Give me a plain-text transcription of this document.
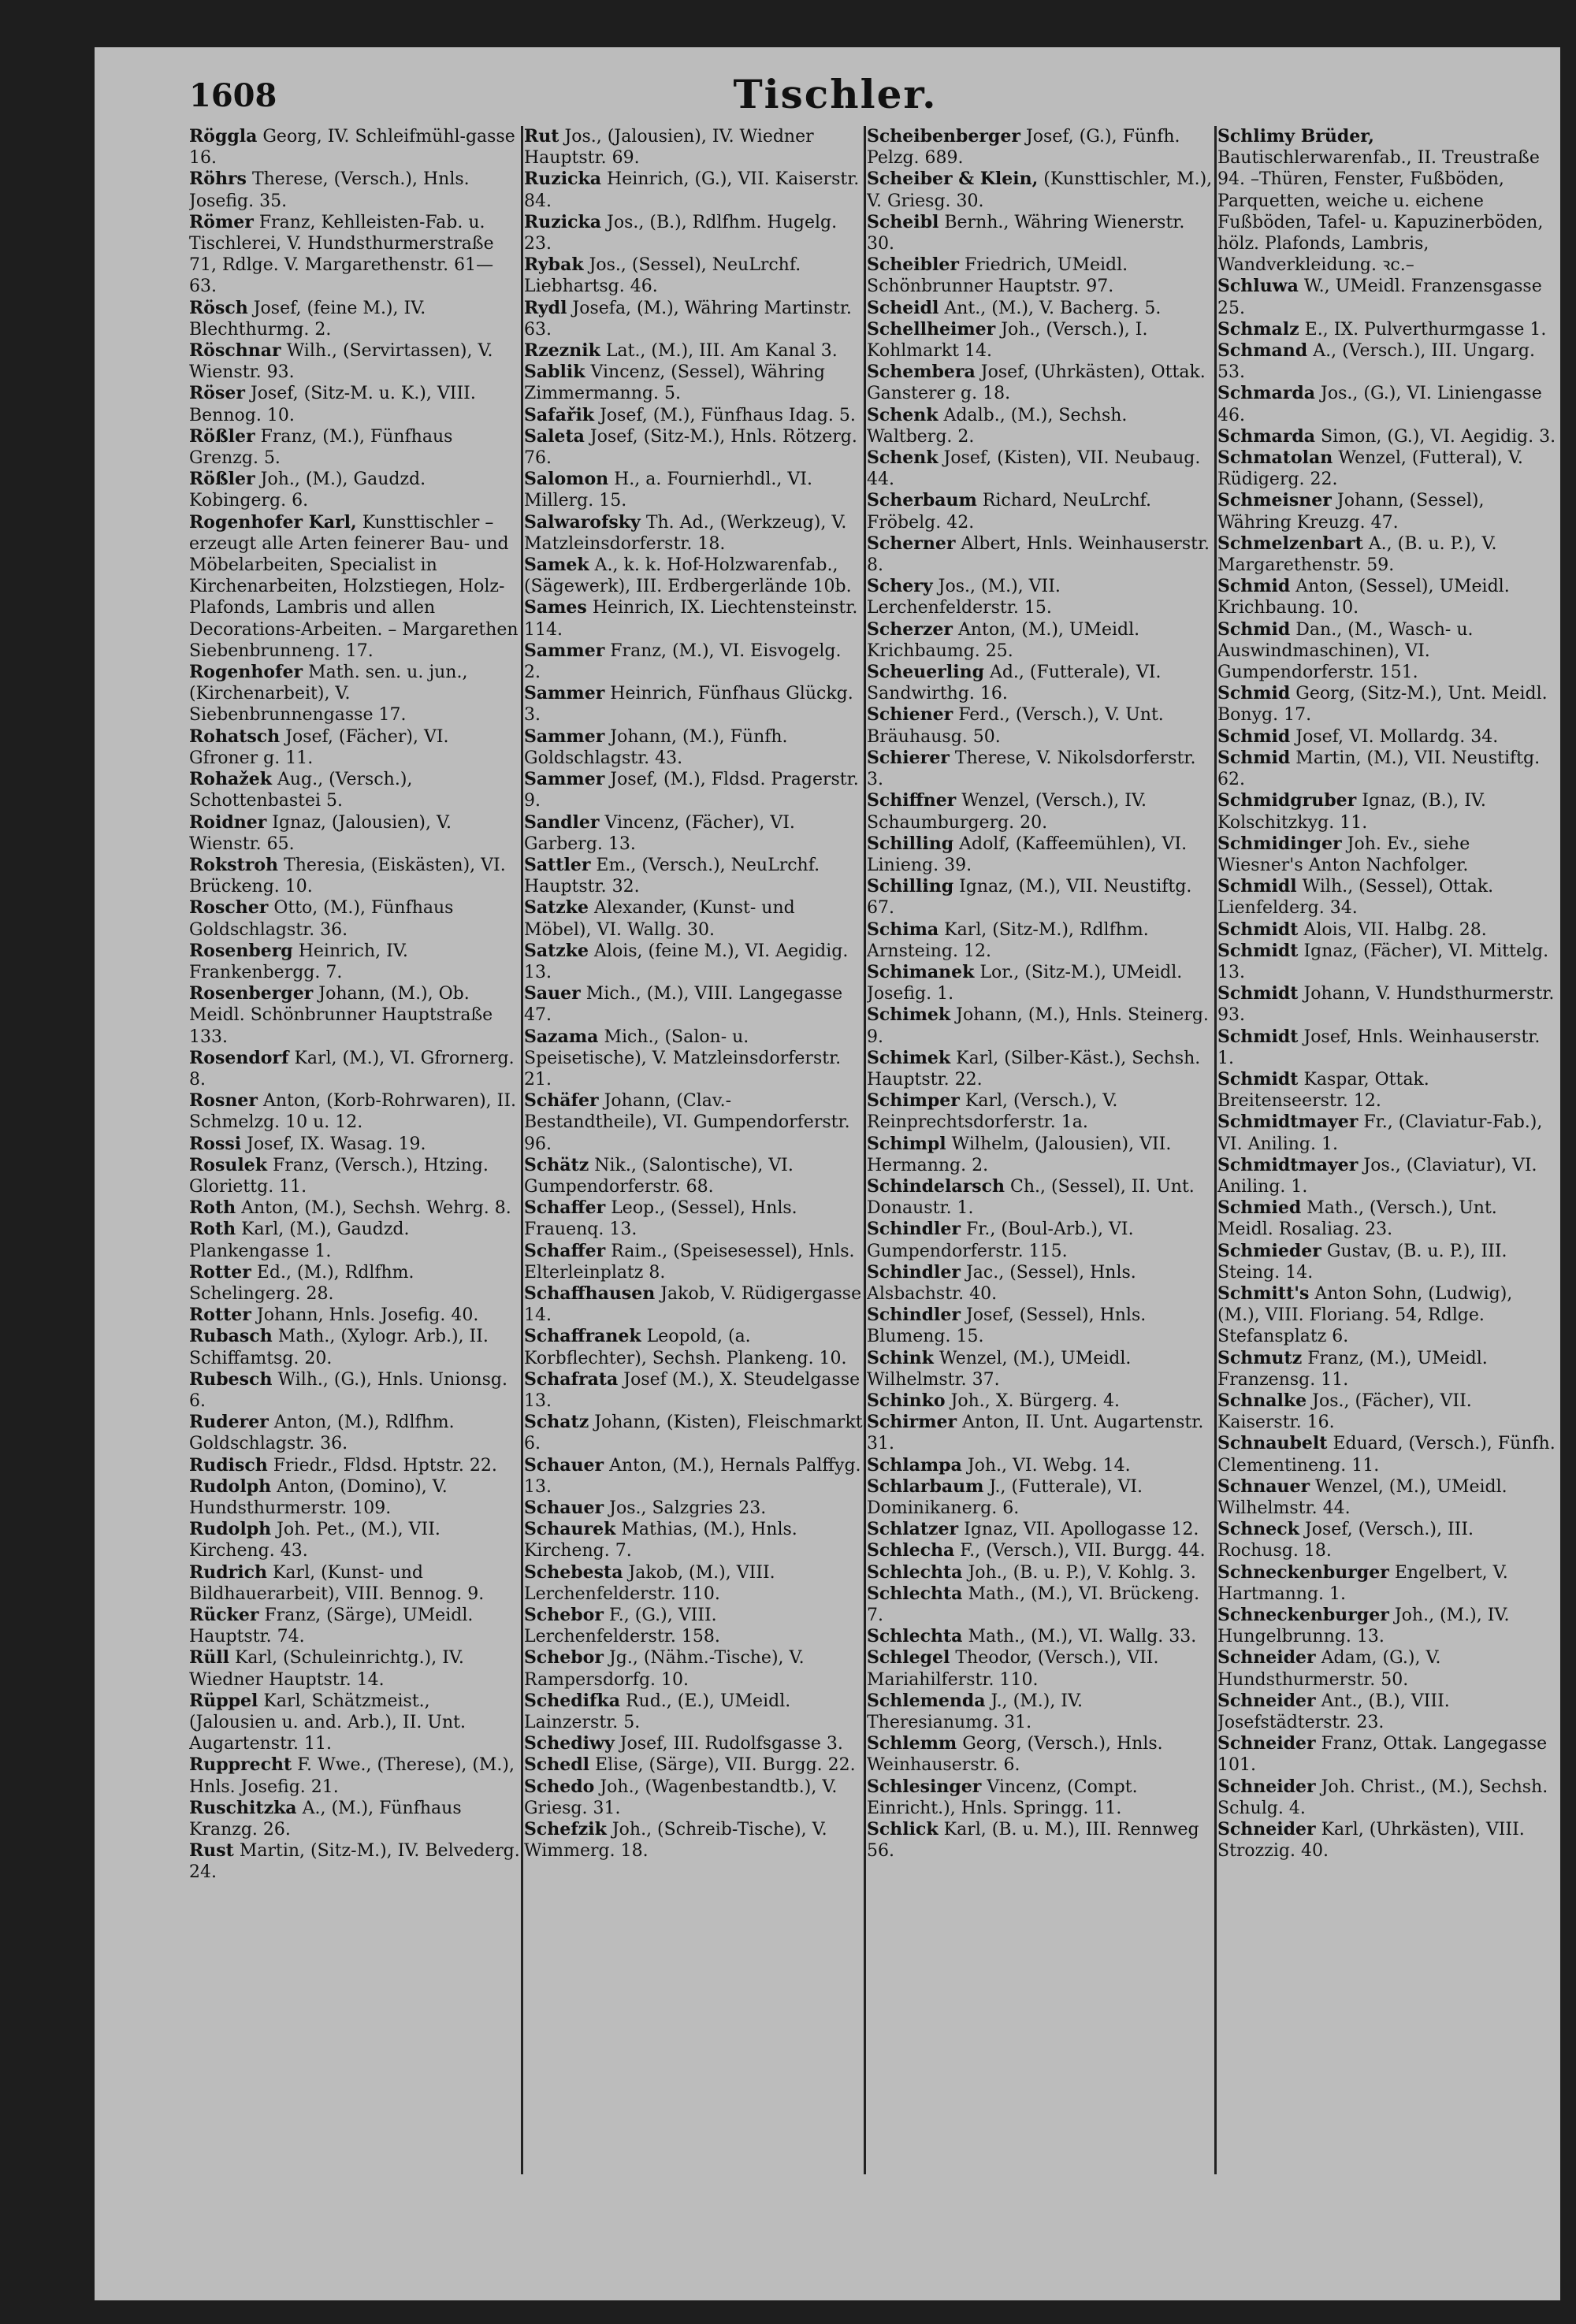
1608	Tischler.

Röggla Georg, IV. Schleifmühl-gasse 16.

Röhrs Therese, (Versch.), Hnls. Josefig. 35.

Römer Franz, Kehlleisten-Fab. u. Tischlerei, V. Hundsthurmerstraße 71, Rdlge. V. Margarethenstr. 61—63.

Rösch Josef, (feine M.), IV. Blechthurmg. 2.

Röschnar Wilh., (Servirtassen), V. Wienstr. 93.

Röser Josef, (Sitz-M. u. K.), VIII. Bennog. 10.

Rößler Franz, (M.), Fünfhaus Grenzg. 5.

Rößler Joh., (M.), Gaudzd. Kobingerg. 6.

Rogenhofer Karl, Kunsttischler – erzeugt alle Arten feinerer Bau- und Möbelarbeiten, Specialist in Kirchenarbeiten, Holzstiegen, Holz-Plafonds, Lambris und allen Decorations-Arbeiten. – Margarethen Siebenbrunneng. 17.

Rogenhofer Math. sen. u. jun., (Kirchenarbeit), V. Siebenbrunnengasse 17.

Rohatsch Josef, (Fächer), VI. Gfroner g. 11.

Rohažek Aug., (Versch.), Schottenbastei 5.

Roidner Ignaz, (Jalousien), V. Wienstr. 65.

Rokstroh Theresia, (Eiskästen), VI. Brückeng. 10.

Roscher Otto, (M.), Fünfhaus Goldschlagstr. 36.

Rosenberg Heinrich, IV. Frankenbergg. 7.

Rosenberger Johann, (M.), Ob. Meidl. Schönbrunner Hauptstraße 133.

Rosendorf Karl, (M.), VI. Gfrornerg. 8.

Rosner Anton, (Korb-Rohrwaren), II. Schmelzg. 10 u. 12.

Rossi Josef, IX. Wasag. 19.

Rosulek Franz, (Versch.), Htzing. Gloriettg. 11.

Roth Anton, (M.), Sechsh. Wehrg. 8.

Roth Karl, (M.), Gaudzd. Plankengasse 1.

Rotter Ed., (M.), Rdlfhm. Schelingerg. 28.

Rotter Johann, Hnls. Josefig. 40.

Rubasch Math., (Xylogr. Arb.), II. Schiffamtsg. 20.

Rubesch Wilh., (G.), Hnls. Unionsg. 6.

Ruderer Anton, (M.), Rdlfhm. Goldschlagstr. 36.

Rudisch Friedr., Fldsd. Hptstr. 22.

Rudolph Anton, (Domino), V. Hundsthurmerstr. 109.

Rudolph Joh. Pet., (M.), VII. Kircheng. 43.

Rudrich Karl, (Kunst- und Bildhauerarbeit), VIII. Bennog. 9.

Rücker Franz, (Särge), UMeidl. Hauptstr. 74.

Rüll Karl, (Schuleinrichtg.), IV. Wiedner Hauptstr. 14.

Rüppel Karl, Schätzmeist., (Jalousien u. and. Arb.), II. Unt. Augartenstr. 11.

Rupprecht F. Wwe., (Therese), (M.), Hnls. Josefig. 21.

Ruschitzka A., (M.), Fünfhaus Kranzg. 26.

Rust Martin, (Sitz-M.), IV. Belvederg. 24.

Rut Jos., (Jalousien), IV. Wiedner Hauptstr. 69.

Ruzicka Heinrich, (G.), VII. Kaiserstr. 84.

Ruzicka Jos., (B.), Rdlfhm. Hugelg. 23.

Rybak Jos., (Sessel), NeuLrchf. Liebhartsg. 46.

Rydl Josefa, (M.), Währing Martinstr. 63.

Rzeznik Lat., (M.), III. Am Kanal 3.

Sablik Vincenz, (Sessel), Währing Zimmermanng. 5.

Safařik Josef, (M.), Fünfhaus Idag. 5.

Saleta Josef, (Sitz-M.), Hnls. Rötzerg. 76.

Salomon H., a. Fournierhdl., VI. Millerg. 15.

Salwarofsky Th. Ad., (Werkzeug), V. Matzleinsdorferstr. 18.

Samek A., k. k. Hof-Holzwarenfab., (Sägewerk), III. Erdbergerlände 10b.

Sames Heinrich, IX. Liechtensteinstr. 114.

Sammer Franz, (M.), VI. Eisvogelg. 2.

Sammer Heinrich, Fünfhaus Glückg. 3.

Sammer Johann, (M.), Fünfh. Goldschlagstr. 43.

Sammer Josef, (M.), Fldsd. Pragerstr. 9.

Sandler Vincenz, (Fächer), VI. Garberg. 13.

Sattler Em., (Versch.), NeuLrchf. Hauptstr. 32.

Satzke Alexander, (Kunst- und Möbel), VI. Wallg. 30.

Satzke Alois, (feine M.), VI. Aegidig. 13.

Sauer Mich., (M.), VIII. Langegasse 47.

Sazama Mich., (Salon- u. Speisetische), V. Matzleinsdorferstr. 21.

Schäfer Johann, (Clav.-Bestandtheile), VI. Gumpendorferstr. 96.

Schätz Nik., (Salontische), VI. Gumpendorferstr. 68.

Schaffer Leop., (Sessel), Hnls. Frauenq. 13.

Schaffer Raim., (Speisesessel), Hnls. Elterleinplatz 8.

Schaffhausen Jakob, V. Rüdigergasse 14.

Schaffranek Leopold, (a. Korbflechter), Sechsh. Plankeng. 10.

Schafrata Josef (M.), X. Steudelgasse 13.

Schatz Johann, (Kisten), Fleischmarkt 6.

Schauer Anton, (M.), Hernals Palffyg. 13.

Schauer Jos., Salzgries 23.

Schaurek Mathias, (M.), Hnls. Kircheng. 7.

Schebesta Jakob, (M.), VIII. Lerchenfelderstr. 110.

Schebor F., (G.), VIII. Lerchenfelderstr. 158.

Schebor Jg., (Nähm.-Tische), V. Rampersdorfg. 10.

Schedifka Rud., (E.), UMeidl. Lainzerstr. 5.

Schediwy Josef, III. Rudolfsgasse 3.

Schedl Elise, (Särge), VII. Burgg. 22.

Schedo Joh., (Wagenbestandtb.), V. Griesg. 31.

Schefzik Joh., (Schreib-Tische), V. Wimmerg. 18.

Scheibenberger Josef, (G.), Fünfh. Pelzg. 689.

Scheiber & Klein, (Kunsttischler, M.), V. Griesg. 30.

Scheibl Bernh., Währing Wienerstr. 30.

Scheibler Friedrich, UMeidl. Schönbrunner Hauptstr. 97.

Scheidl Ant., (M.), V. Bacherg. 5.

Schellheimer Joh., (Versch.), I. Kohlmarkt 14.

Schembera Josef, (Uhrkästen), Ottak. Gansterer g. 18.

Schenk Adalb., (M.), Sechsh. Waltberg. 2.

Schenk Josef, (Kisten), VII. Neubaug. 44.

Scherbaum Richard, NeuLrchf. Fröbelg. 42.

Scherner Albert, Hnls. Weinhauserstr. 8.

Schery Jos., (M.), VII. Lerchenfelderstr. 15.

Scherzer Anton, (M.), UMeidl. Krichbaumg. 25.

Scheuerling Ad., (Futterale), VI. Sandwirthg. 16.

Schiener Ferd., (Versch.), V. Unt. Bräuhausg. 50.

Schierer Therese, V. Nikolsdorferstr. 3.

Schiffner Wenzel, (Versch.), IV. Schaumburgerg. 20.

Schilling Adolf, (Kaffeemühlen), VI. Linieng. 39.

Schilling Ignaz, (M.), VII. Neustiftg. 67.

Schima Karl, (Sitz-M.), Rdlfhm. Arnsteing. 12.

Schimanek Lor., (Sitz-M.), UMeidl. Josefig. 1.

Schimek Johann, (M.), Hnls. Steinerg. 9.

Schimek Karl, (Silber-Käst.), Sechsh. Hauptstr. 22.

Schimper Karl, (Versch.), V. Reinprechtsdorferstr. 1a.

Schimpl Wilhelm, (Jalousien), VII. Hermanng. 2.

Schindelarsch Ch., (Sessel), II. Unt. Donaustr. 1.

Schindler Fr., (Boul-Arb.), VI. Gumpendorferstr. 115.

Schindler Jac., (Sessel), Hnls. Alsbachstr. 40.

Schindler Josef, (Sessel), Hnls. Blumeng. 15.

Schink Wenzel, (M.), UMeidl. Wilhelmstr. 37.

Schinko Joh., X. Bürgerg. 4.

Schirmer Anton, II. Unt. Augartenstr. 31.

Schlampa Joh., VI. Webg. 14.

Schlarbaum J., (Futterale), VI. Dominikanerg. 6.

Schlatzer Ignaz, VII. Apollogasse 12.

Schlecha F., (Versch.), VII. Burgg. 44.

Schlechta Joh., (B. u. P.), V. Kohlg. 3.

Schlechta Math., (M.), VI. Brückeng. 7.

Schlechta Math., (M.), VI. Wallg. 33.

Schlegel Theodor, (Versch.), VII. Mariahilferstr. 110.

Schlemenda J., (M.), IV. Theresianumg. 31.

Schlemm Georg, (Versch.), Hnls. Weinhauserstr. 6.

Schlesinger Vincenz, (Compt. Einricht.), Hnls. Springg. 11.

Schlick Karl, (B. u. M.), III. Rennweg 56.

Schlimy Brüder, Bautischlerwarenfab., II. Treustraße 94. –Thüren, Fenster, Fußböden, Parquetten, weiche u. eichene Fußböden, Tafel- u. Kapuzinerböden, hölz. Plafonds, Lambris, Wandverkleidung. ꝛc.–

Schluwa W., UMeidl. Franzensgasse 25.

Schmalz E., IX. Pulverthurmgasse 1.

Schmand A., (Versch.), III. Ungarg. 53.

Schmarda Jos., (G.), VI. Liniengasse 46.

Schmarda Simon, (G.), VI. Aegidig. 3.

Schmatolan Wenzel, (Futteral), V. Rüdigerg. 22.

Schmeisner Johann, (Sessel), Währing Kreuzg. 47.

Schmelzenbart A., (B. u. P.), V. Margarethenstr. 59.

Schmid Anton, (Sessel), UMeidl. Krichbaung. 10.

Schmid Dan., (M., Wasch- u. Auswindmaschinen), VI. Gumpendorferstr. 151.

Schmid Georg, (Sitz-M.), Unt. Meidl. Bonyg. 17.

Schmid Josef, VI. Mollardg. 34.

Schmid Martin, (M.), VII. Neustiftg. 62.

Schmidgruber Ignaz, (B.), IV. Kolschitzkyg. 11.

Schmidinger Joh. Ev., siehe Wiesner's Anton Nachfolger.

Schmidl Wilh., (Sessel), Ottak. Lienfelderg. 34.

Schmidt Alois, VII. Halbg. 28.

Schmidt Ignaz, (Fächer), VI. Mittelg. 13.

Schmidt Johann, V. Hundsthurmerstr. 93.

Schmidt Josef, Hnls. Weinhauserstr. 1.

Schmidt Kaspar, Ottak. Breitenseerstr. 12.

Schmidtmayer Fr., (Claviatur-Fab.), VI. Aniling. 1.

Schmidtmayer Jos., (Claviatur), VI. Aniling. 1.

Schmied Math., (Versch.), Unt. Meidl. Rosaliag. 23.

Schmieder Gustav, (B. u. P.), III. Steing. 14.

Schmitt's Anton Sohn, (Ludwig), (M.), VIII. Floriang. 54, Rdlge. Stefansplatz 6.

Schmutz Franz, (M.), UMeidl. Franzensg. 11.

Schnalke Jos., (Fächer), VII. Kaiserstr. 16.

Schnaubelt Eduard, (Versch.), Fünfh. Clementineng. 11.

Schnauer Wenzel, (M.), UMeidl. Wilhelmstr. 44.

Schneck Josef, (Versch.), III. Rochusg. 18.

Schneckenburger Engelbert, V. Hartmanng. 1.

Schneckenburger Joh., (M.), IV. Hungelbrunng. 13.

Schneider Adam, (G.), V. Hundsthurmerstr. 50.

Schneider Ant., (B.), VIII. Josefstädterstr. 23.

Schneider Franz, Ottak. Langegasse 101.

Schneider Joh. Christ., (M.), Sechsh. Schulg. 4.

Schneider Karl, (Uhrkästen), VIII. Strozzig. 40.
